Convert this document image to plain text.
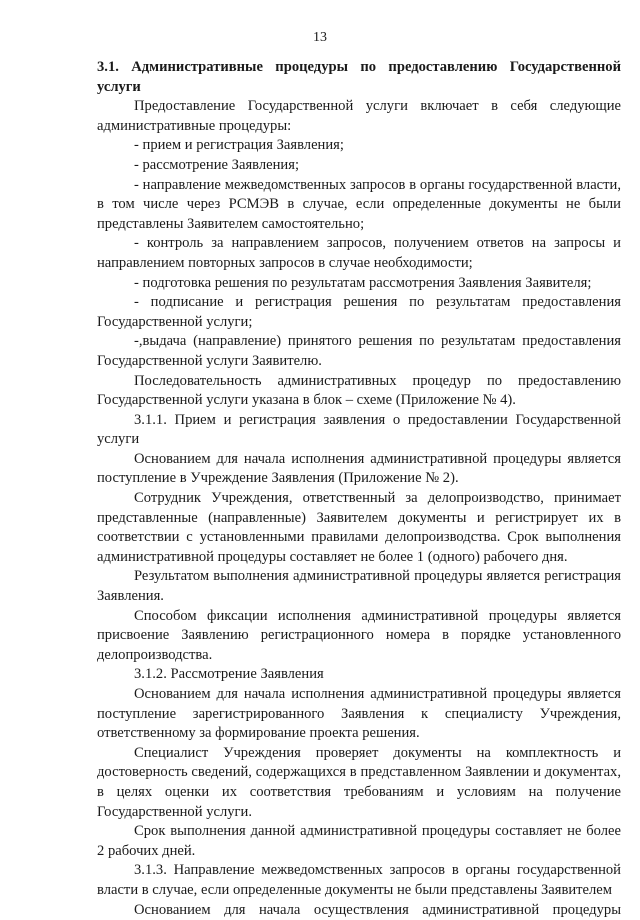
13

3.1. Административные процедуры по предоставлению Государственной услуги

Предоставление Государственной услуги включает в себя следующие административные процедуры:

- прием и регистрация Заявления;

- рассмотрение Заявления;

- направление межведомственных запросов в органы государственной власти, в том числе через РСМЭВ в случае, если определенные документы не были представлены Заявителем самостоятельно;

- контроль за направлением запросов, получением ответов на запросы и направлением повторных запросов в случае необходимости;

- подготовка решения по результатам рассмотрения Заявления Заявителя;

- подписание и регистрация решения по результатам предоставления Государственной услуги;

-,выдача (направление) принятого решения по результатам предоставления Государственной услуги Заявителю.

Последовательность административных процедур по предоставлению Государственной услуги указана в блок – схеме (Приложение № 4).

3.1.1. Прием и регистрация заявления о предоставлении Государственной услуги

Основанием для начала исполнения административной процедуры является поступление в Учреждение Заявления (Приложение № 2).

Сотрудник Учреждения, ответственный за делопроизводство, принимает представленные (направленные) Заявителем документы и регистрирует их в соответствии с установленными правилами делопроизводства. Срок выполнения административной процедуры составляет не более 1 (одного) рабочего дня.

Результатом выполнения административной процедуры является регистрация Заявления.

Способом фиксации исполнения административной процедуры является присвоение Заявлению регистрационного номера в порядке установленного делопроизводства.

3.1.2. Рассмотрение Заявления

Основанием для начала исполнения административной процедуры является поступление зарегистрированного Заявления к специалисту Учреждения, ответственному за формирование проекта решения.

Специалист Учреждения проверяет документы на комплектность и достоверность сведений, содержащихся в представленном Заявлении и документах, в целях оценки их соответствия требованиям и условиям на получение Государственной услуги.

Срок выполнения данной административной процедуры составляет не более 2 рабочих дней.

3.1.3. Направление межведомственных запросов в органы государственной власти в случае, если определенные документы не были представлены Заявителем

Основанием для начала осуществления административной процедуры
